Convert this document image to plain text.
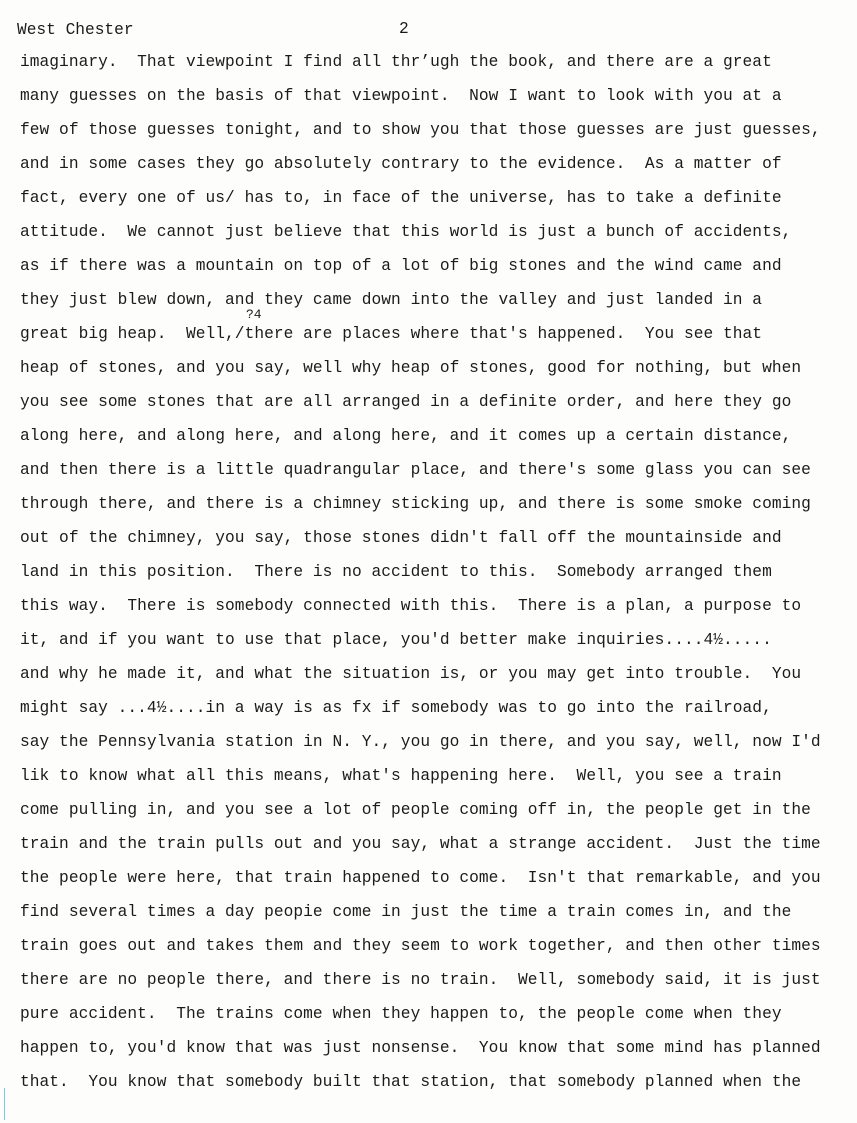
West Chester	2
?4
imaginary.  That viewpoint I find all thr’ugh the book, and there are a great
many guesses on the basis of that viewpoint.  Now I want to look with you at a
few of those guesses tonight, and to show you that those guesses are just guesses,
and in some cases they go absolutely contrary to the evidence.  As a matter of
fact, every one of us/ has to, in face of the universe, has to take a definite
attitude.  We cannot just believe that this world is just a bunch of accidents,
as if there was a mountain on top of a lot of big stones and the wind came and
they just blew down, and they came down into the valley and just landed in a
great big heap.  Well,/there are places where that's happened.  You see that
heap of stones, and you say, well why heap of stones, good for nothing, but when
you see some stones that are all arranged in a definite order, and here they go
along here, and along here, and along here, and it comes up a certain distance,
and then there is a little quadrangular place, and there's some glass you can see
through there, and there is a chimney sticking up, and there is some smoke coming
out of the chimney, you say, those stones didn't fall off the mountainside and
land in this position.  There is no accident to this.  Somebody arranged them
this way.  There is somebody connected with this.  There is a plan, a purpose to
it, and if you want to use that place, you'd better make inquiries....4½.....
and why he made it, and what the situation is, or you may get into trouble.  You
might say ...4½....in a way is as fx if somebody was to go into the railroad,
say the Pennsylvania station in N. Y., you go in there, and you say, well, now I'd
lik to know what all this means, what's happening here.  Well, you see a train
come pulling in, and you see a lot of people coming off in, the people get in the
train and the train pulls out and you say, what a strange accident.  Just the time
the people were here, that train happened to come.  Isn't that remarkable, and you
find several times a day peopie come in just the time a train comes in, and the
train goes out and takes them and they seem to work together, and then other times
there are no people there, and there is no train.  Well, somebody said, it is just
pure accident.  The trains come when they happen to, the people come when they
happen to, you'd know that was just nonsense.  You know that some mind has planned
that.  You know that somebody built that station, that somebody planned when the
